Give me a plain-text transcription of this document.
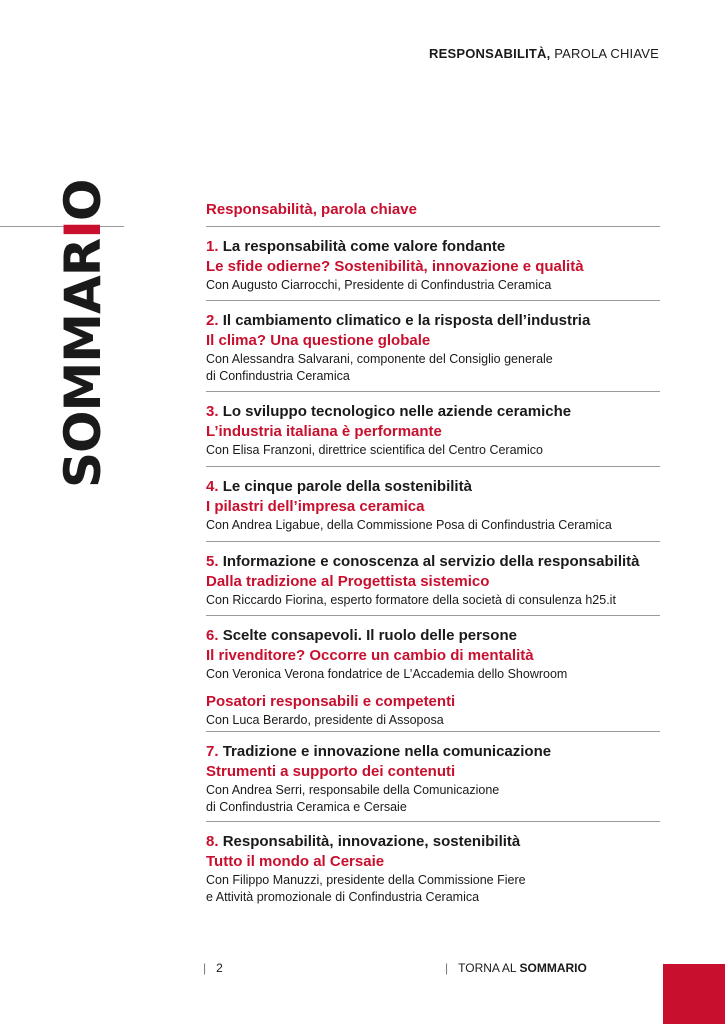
RESPONSABILITÀ, PAROLA CHIAVE
SOMMARIO	Responsabilità, parola chiave
1. La responsabilità come valore fondante
Le sfide odierne? Sostenibilità, innovazione e qualità
Con Augusto Ciarrocchi, Presidente di Confindustria Ceramica
2. Il cambiamento climatico e la risposta dell’industria
Il clima? Una questione globale
Con Alessandra Salvarani, componente del Consiglio generale
di Confindustria Ceramica
3. Lo sviluppo tecnologico nelle aziende ceramiche
L’industria italiana è performante
Con Elisa Franzoni, direttrice scientifica del Centro Ceramico
4. Le cinque parole della sostenibilità
I pilastri dell’impresa ceramica
Con Andrea Ligabue, della Commissione Posa di Confindustria Ceramica
5. Informazione e conoscenza al servizio della responsabilità
Dalla tradizione al Progettista sistemico
Con Riccardo Fiorina, esperto formatore della società di consulenza h25.it
6. Scelte consapevoli. Il ruolo delle persone
Il rivenditore? Occorre un cambio di mentalità
Con Veronica Verona fondatrice de L’Accademia dello Showroom
Posatori responsabili e competenti
Con Luca Berardo, presidente di Assoposa
7. Tradizione e innovazione nella comunicazione
Strumenti a supporto dei contenuti
Con Andrea Serri, responsabile della Comunicazione
di Confindustria Ceramica e Cersaie
8. Responsabilità, innovazione, sostenibilità
Tutto il mondo al Cersaie
Con Filippo Manuzzi, presidente della Commissione Fiere
e Attività promozionale di Confindustria Ceramica
| 2	| TORNA AL SOMMARIO
